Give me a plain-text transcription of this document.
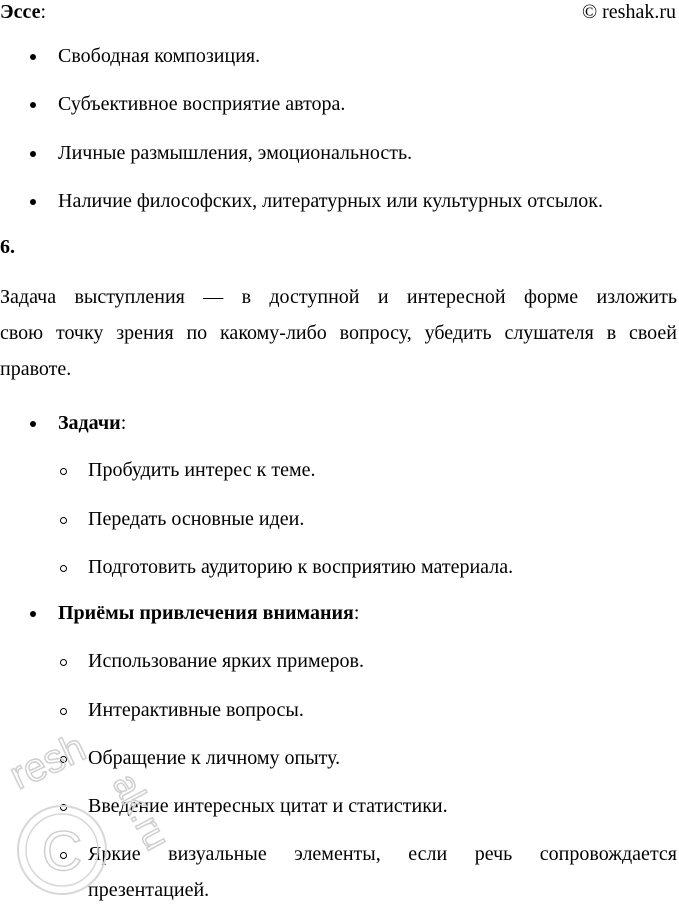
Эссе:	© reshak.ru
Свободная композиция.
Субъективное восприятие автора.
Личные размышления, эмоциональность.
Наличие философских, литературных или культурных отсылок.
6.
Задача выступления — в доступной и интересной форме изложить
свою точку зрения по какому-либо вопросу, убедить слушателя в своей
правоте.
Задачи:
Пробудить интерес к теме.
Передать основные идеи.
Подготовить аудиторию к восприятию материала.
Приёмы привлечения внимания:
Использование ярких примеров.
Интерактивные вопросы.
Обращение к личному опыту.
Введение интересных цитат и статистики.
Яркие визуальные элементы, если речь сопровождается
презентацией.
C
resh
ak.ru
